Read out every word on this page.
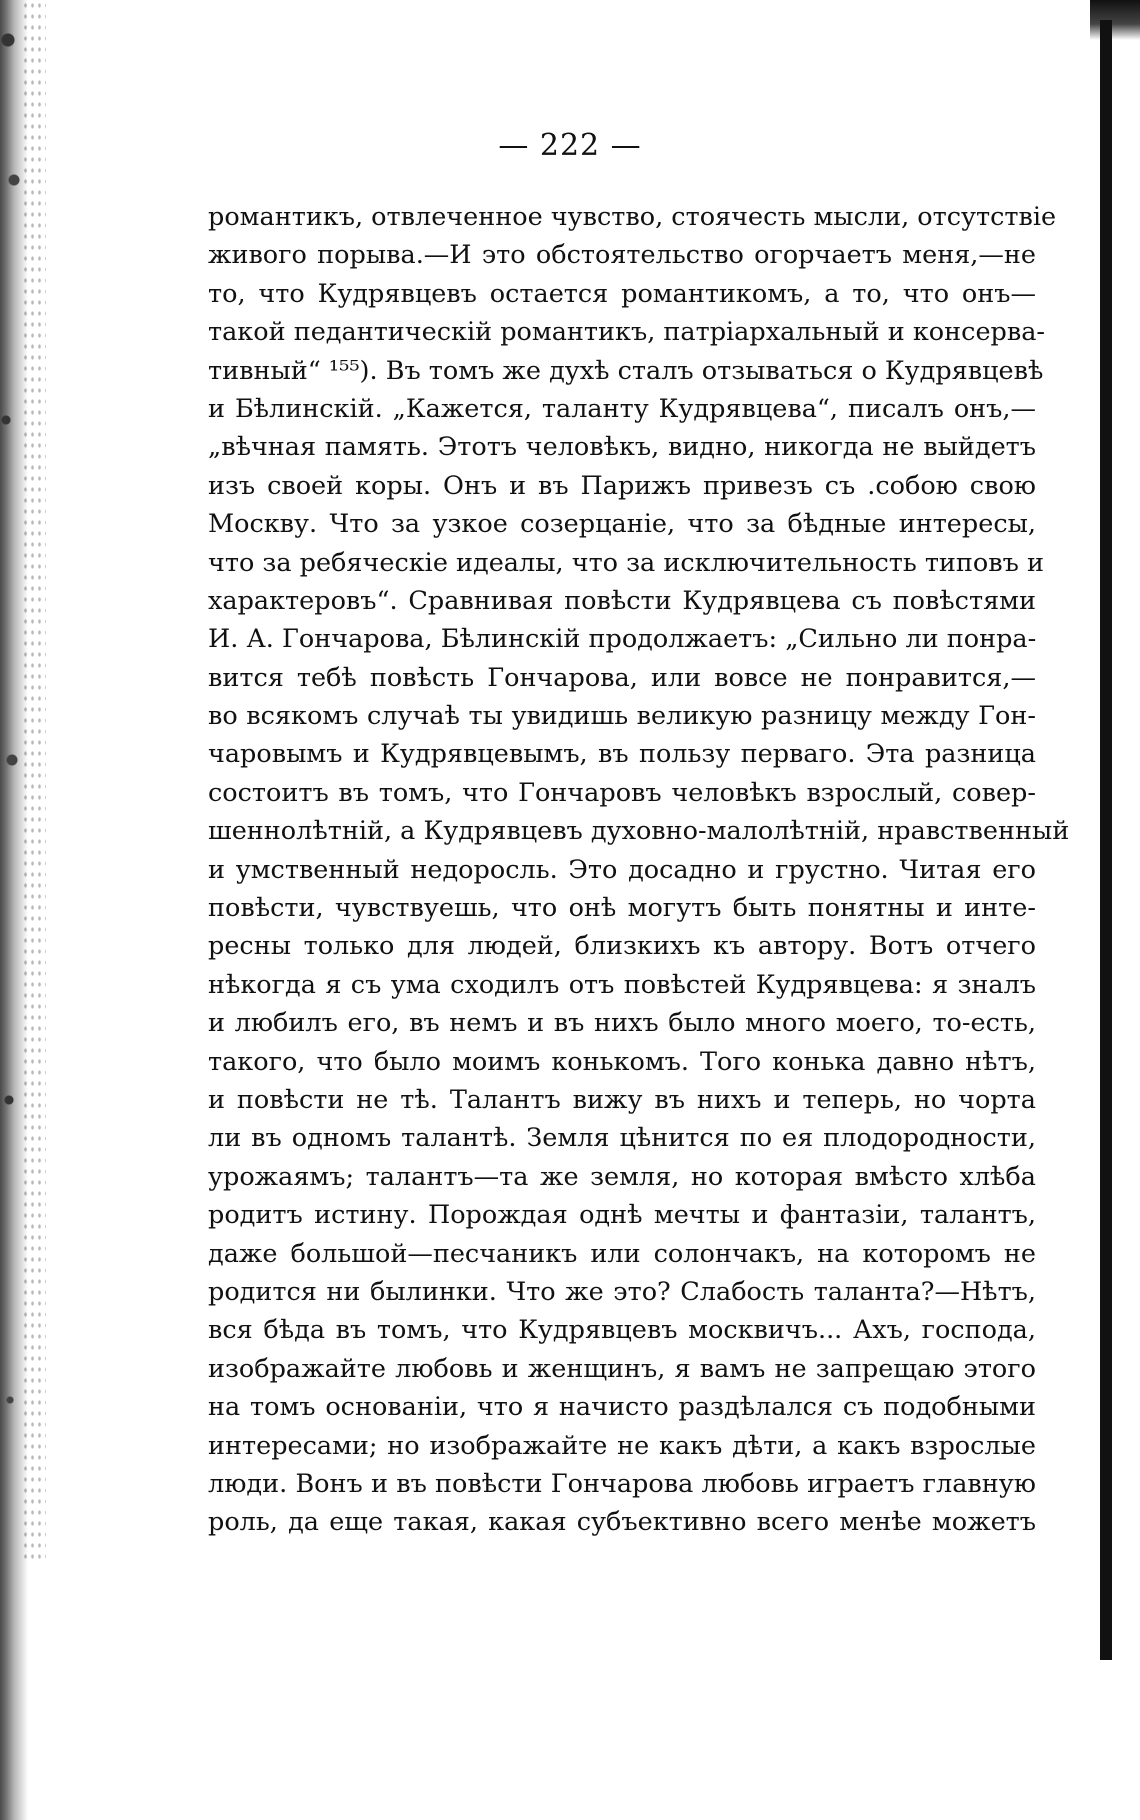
— 222 —
романтикъ, отвлеченное чувство, стоячесть мысли, отсутствіе
живого порыва.—И это обстоятельство огорчаетъ меня,—не
то, что Кудрявцевъ остается романтикомъ, а то, что онъ—
такой педантическій романтикъ, патріархальный и консерва-
тивный“ ¹⁵⁵). Въ томъ же духѣ сталъ отзываться о Кудрявцевѣ
и Бѣлинскій. „Кажется, таланту Кудрявцева“, писалъ онъ,—
„вѣчная память. Этотъ человѣкъ, видно, никогда не выйдетъ
изъ своей коры. Онъ и въ Парижъ привезъ съ .собою свою
Москву. Что за узкое созерцаніе, что за бѣдные интересы,
что за ребяческіе идеалы, что за исключительность типовъ и
характеровъ“. Сравнивая повѣсти Кудрявцева съ повѣстями
И. А. Гончарова, Бѣлинскій продолжаетъ: „Сильно ли понра-
вится тебѣ повѣсть Гончарова, или вовсе не понравится,—
во всякомъ случаѣ ты увидишь великую разницу между Гон-
чаровымъ и Кудрявцевымъ, въ пользу перваго. Эта разница
состоитъ въ томъ, что Гончаровъ человѣкъ взрослый, совер-
шеннолѣтній, а Кудрявцевъ духовно-малолѣтній, нравственный
и умственный недоросль. Это досадно и грустно. Читая его
повѣсти, чувствуешь, что онѣ могутъ быть понятны и инте-
ресны только для людей, близкихъ къ автору. Вотъ отчего
нѣкогда я съ ума сходилъ отъ повѣстей Кудрявцева: я зналъ
и любилъ его, въ немъ и въ нихъ было много моего, то-есть,
такого, что было моимъ конькомъ. Того конька давно нѣтъ,
и повѣсти не тѣ. Талантъ вижу въ нихъ и теперь, но чорта
ли въ одномъ талантѣ. Земля цѣнится по ея плодородности,
урожаямъ; талантъ—та же земля, но которая вмѣсто хлѣба
родитъ истину. Порождая однѣ мечты и фантазіи, талантъ,
даже большой—песчаникъ или солончакъ, на которомъ не
родится ни былинки. Что же это? Слабость таланта?—Нѣтъ,
вся бѣда въ томъ, что Кудрявцевъ москвичъ... Ахъ, господа,
изображайте любовь и женщинъ, я вамъ не запрещаю этого
на томъ основаніи, что я начисто раздѣлался съ подобными
интересами; но изображайте не какъ дѣти, а какъ взрослые
люди. Вонъ и въ повѣсти Гончарова любовь играетъ главную
роль, да еще такая, какая субъективно всего менѣе можетъ
